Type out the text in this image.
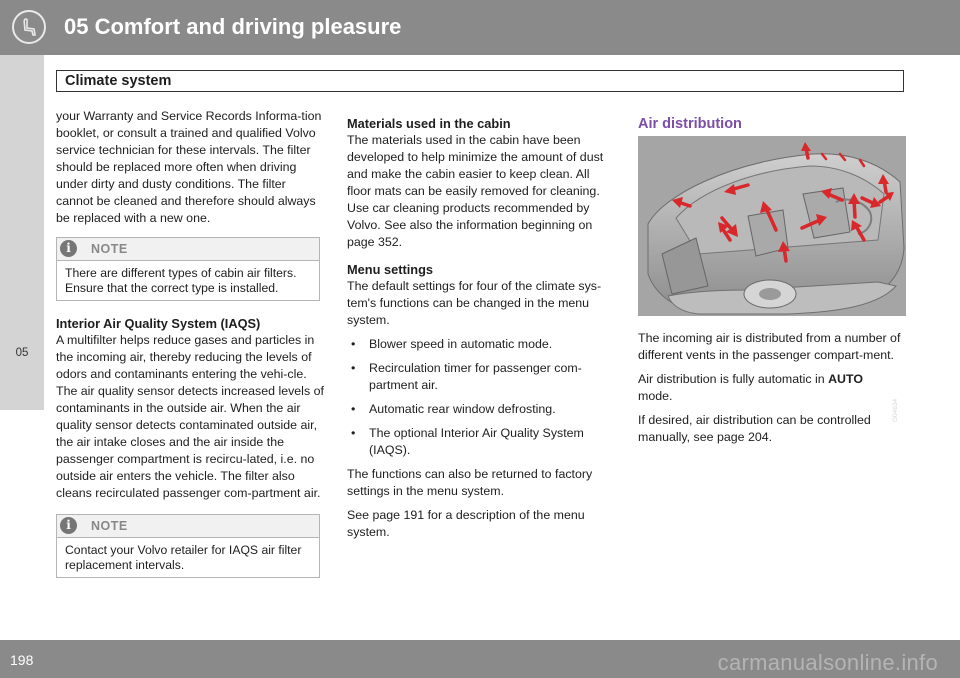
05 Comfort and driving pleasure
Climate system
05

your Warranty and Service Records Informa-tion booklet, or consult a trained and qualified Volvo service technician for these intervals. The filter should be replaced more often when driving under dirty and dusty conditions. The filter cannot be cleaned and therefore should always be replaced with a new one.

i	NOTE
There are different types of cabin air filters. Ensure that the correct type is installed.
Interior Air Quality System (IAQS)

A multifilter helps reduce gases and particles in the incoming air, thereby reducing the levels of odors and contaminants entering the vehi-cle. The air quality sensor detects increased levels of contaminants in the outside air. When the air quality sensor detects contaminated outside air, the air intake closes and the air inside the passenger compartment is recircu-lated, i.e. no outside air enters the vehicle. The filter also cleans recirculated passenger com-partment air.

i	NOTE
Contact your Volvo retailer for IAQS air filter replacement intervals.
Materials used in the cabin

The materials used in the cabin have been developed to help minimize the amount of dust and make the cabin easier to keep clean. All floor mats can be easily removed for cleaning. Use car cleaning products recommended by Volvo. See also the information beginning on page 352.

Menu settings

The default settings for four of the climate sys-tem's functions can be changed in the menu system.

• Blower speed in automatic mode.
• Recirculation timer for passenger com-partment air.
• Automatic rear window defrosting.
• The optional Interior Air Quality System (IAQS).

The functions can also be returned to factory settings in the menu system.

See page 191 for a description of the menu system.

Air distribution
G04634

The incoming air is distributed from a number of different vents in the passenger compart-ment.

Air distribution is fully automatic in AUTO
mode.

If desired, air distribution can be controlled manually, see page 204.

198	carmanualsonline.info
